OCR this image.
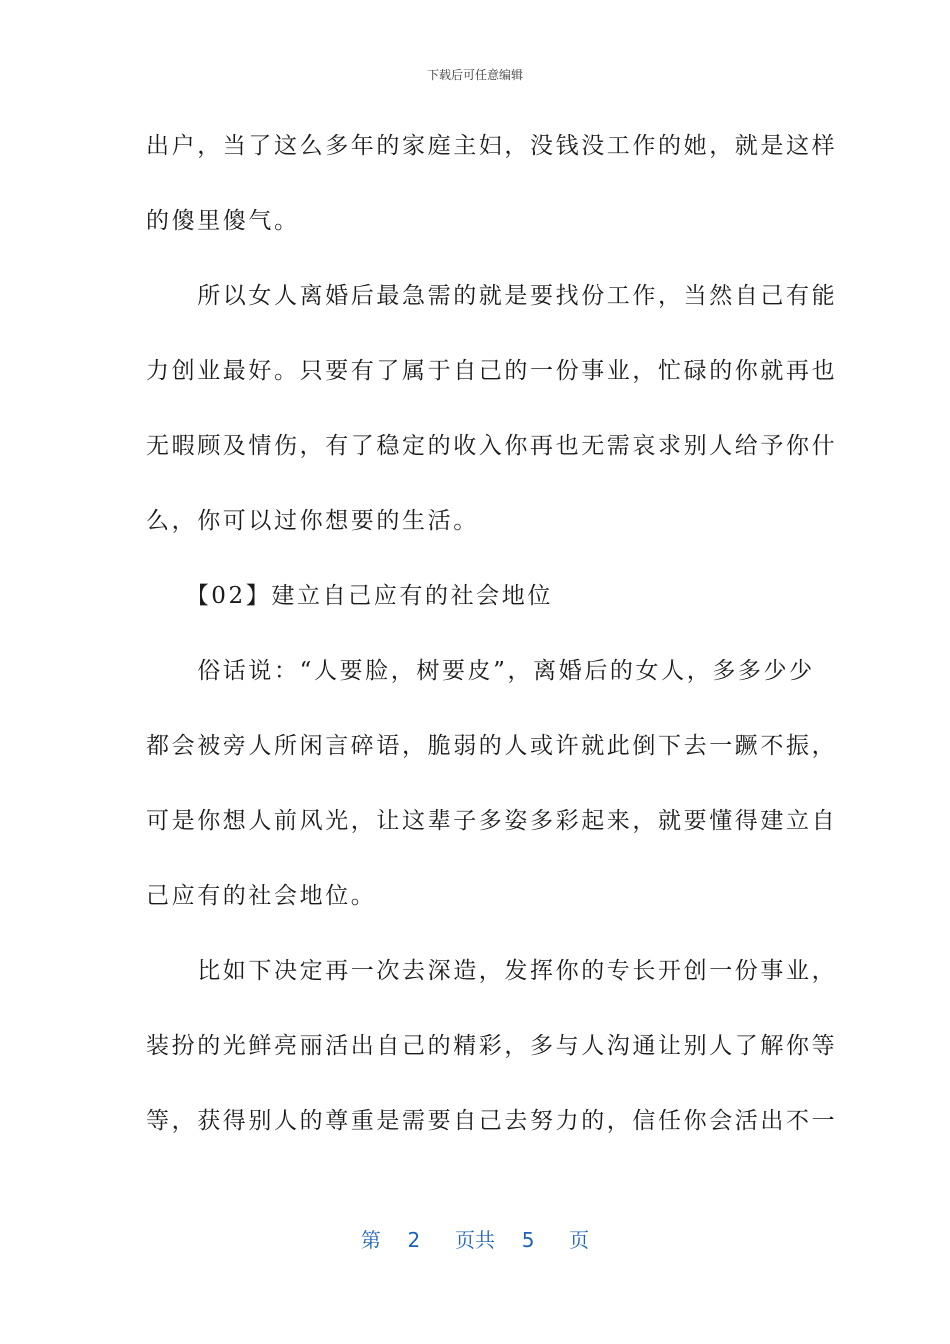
下载后可任意编辑
出户，当了这么多年的家庭主妇，没钱没工作的她，就是这样
的傻里傻气。
　　所以女人离婚后最急需的就是要找份工作，当然自己有能
力创业最好。只要有了属于自己的一份事业，忙碌的你就再也
无暇顾及情伤，有了稳定的收入你再也无需哀求别人给予你什
么，你可以过你想要的生活。
　　【02】建立自己应有的社会地位
　　俗话说：“人要脸，树要皮”，离婚后的女人，多多少少
都会被旁人所闲言碎语，脆弱的人或许就此倒下去一蹶不振，
可是你想人前风光，让这辈子多姿多彩起来，就要懂得建立自
己应有的社会地位。
　　比如下决定再一次去深造，发挥你的专长开创一份事业，
装扮的光鲜亮丽活出自己的精彩，多与人沟通让别人了解你等
等，获得别人的尊重是需要自己去努力的，信任你会活出不一
第 2 页共 5 页
